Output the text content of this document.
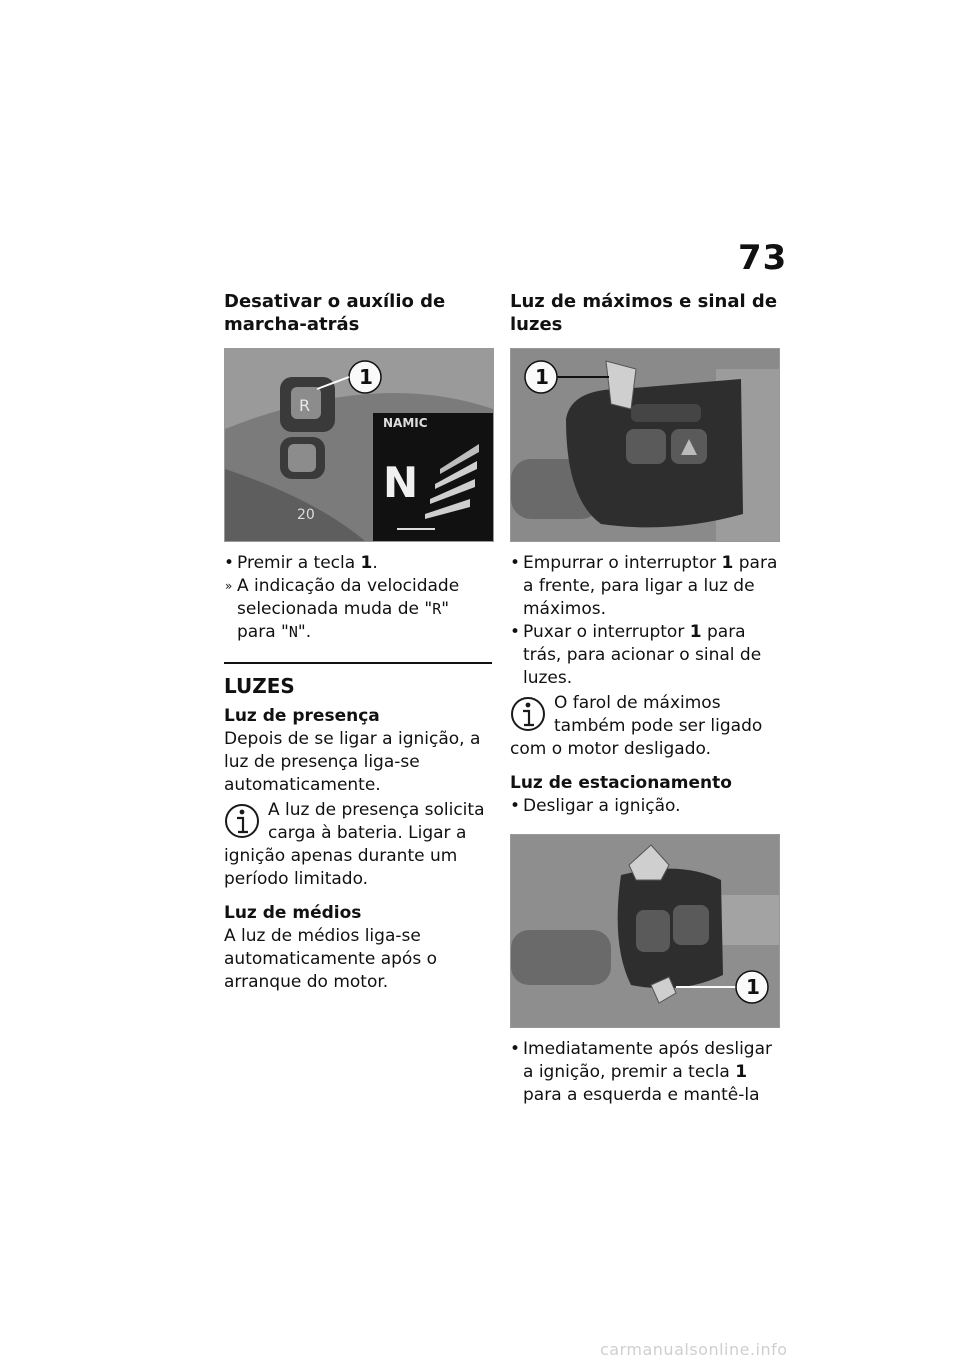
73
Desativar o auxílio de marcha-atrás
R
1
NAMIC
N
20
• Premir a tecla 1.
» A indicação da velocidade selecionada muda de "R" para "N".
LUZES
Luz de presença

Depois de se ligar a ignição, a luz de presença liga-se automaticamente.

A luz de presença solicita carga à bateria. Ligar a ignição apenas durante um período limitado.

Luz de médios

A luz de médios liga-se automaticamente após o arranque do motor.

Luz de máximos e sinal de luzes
1
• Empurrar o interruptor 1 para a frente, para ligar a luz de máximos.
• Puxar o interruptor 1 para trás, para acionar o sinal de luzes.

O farol de máximos também pode ser ligado com o motor desligado.

Luz de estacionamento
• Desligar a ignição.
1
• Imediatamente após desligar a ignição, premir a tecla 1 para a esquerda e mantê-la
carmanualsonline.info
